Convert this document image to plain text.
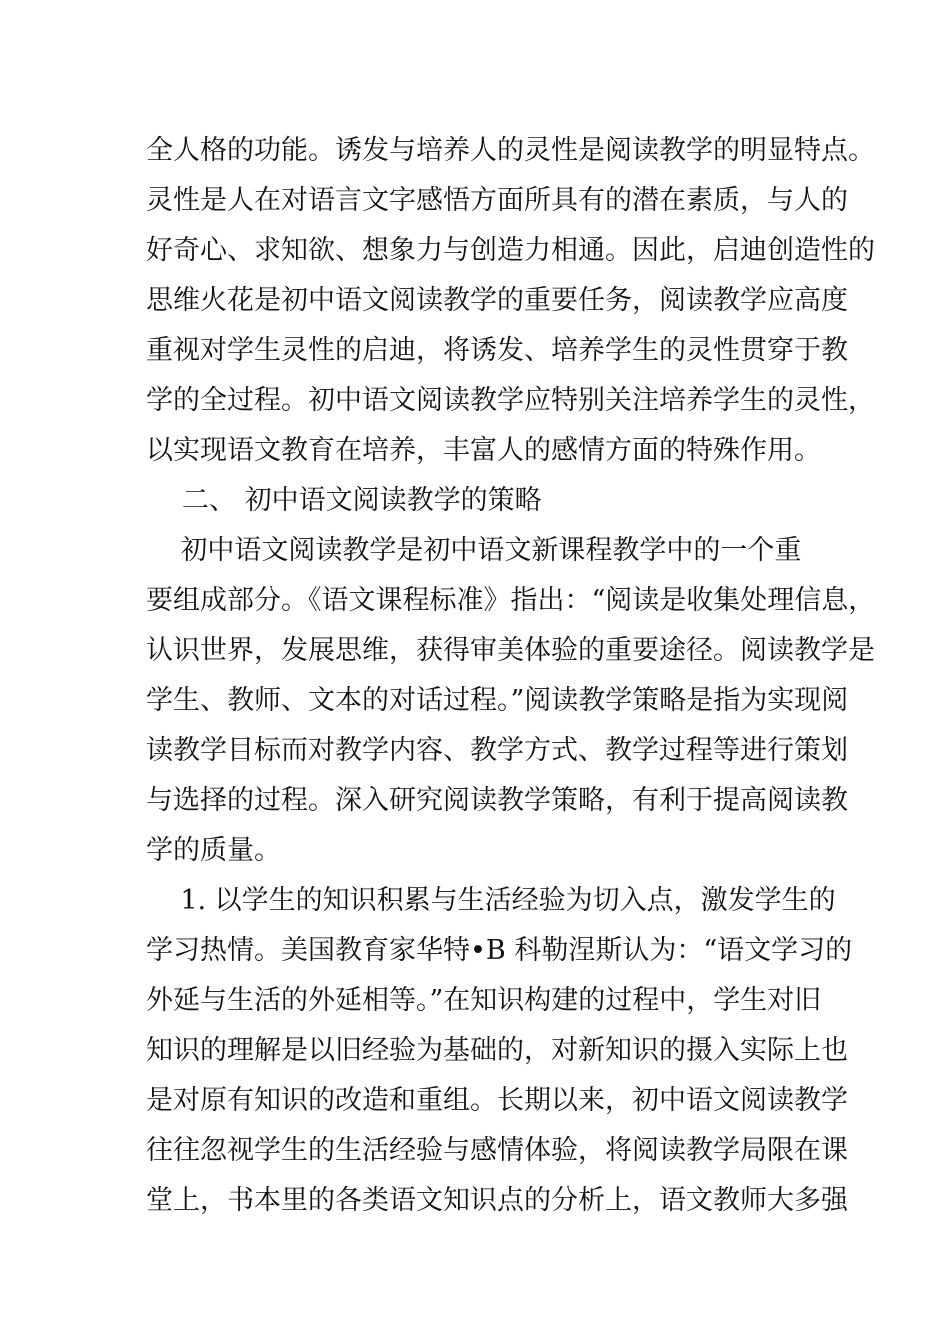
全人格的功能。诱发与培养人的灵性是阅读教学的明显特点。
灵性是人在对语言文字感悟方面所具有的潜在素质，与人的
好奇心、求知欲、想象力与创造力相通。因此，启迪创造性的
思维火花是初中语文阅读教学的重要任务，阅读教学应高度
重视对学生灵性的启迪，将诱发、培养学生的灵性贯穿于教
学的全过程。初中语文阅读教学应特别关注培养学生的灵性，
以实现语文教育在培养，丰富人的感情方面的特殊作用。
二、 初中语文阅读教学的策略
初中语文阅读教学是初中语文新课程教学中的一个重
要组成部分。《语文课程标准》指出：“阅读是收集处理信息，
认识世界，发展思维，获得审美体验的重要途径。阅读教学是
学生、教师、文本的对话过程。”阅读教学策略是指为实现阅
读教学目标而对教学内容、教学方式、教学过程等进行策划
与选择的过程。深入研究阅读教学策略，有利于提高阅读教
学的质量。
1. 以学生的知识积累与生活经验为切入点，激发学生的
学习热情。美国教育家华特•B 科勒涅斯认为：“语文学习的
外延与生活的外延相等。”在知识构建的过程中，学生对旧
知识的理解是以旧经验为基础的，对新知识的摄入实际上也
是对原有知识的改造和重组。长期以来，初中语文阅读教学
往往忽视学生的生活经验与感情体验，将阅读教学局限在课
堂上，书本里的各类语文知识点的分析上，语文教师大多强
